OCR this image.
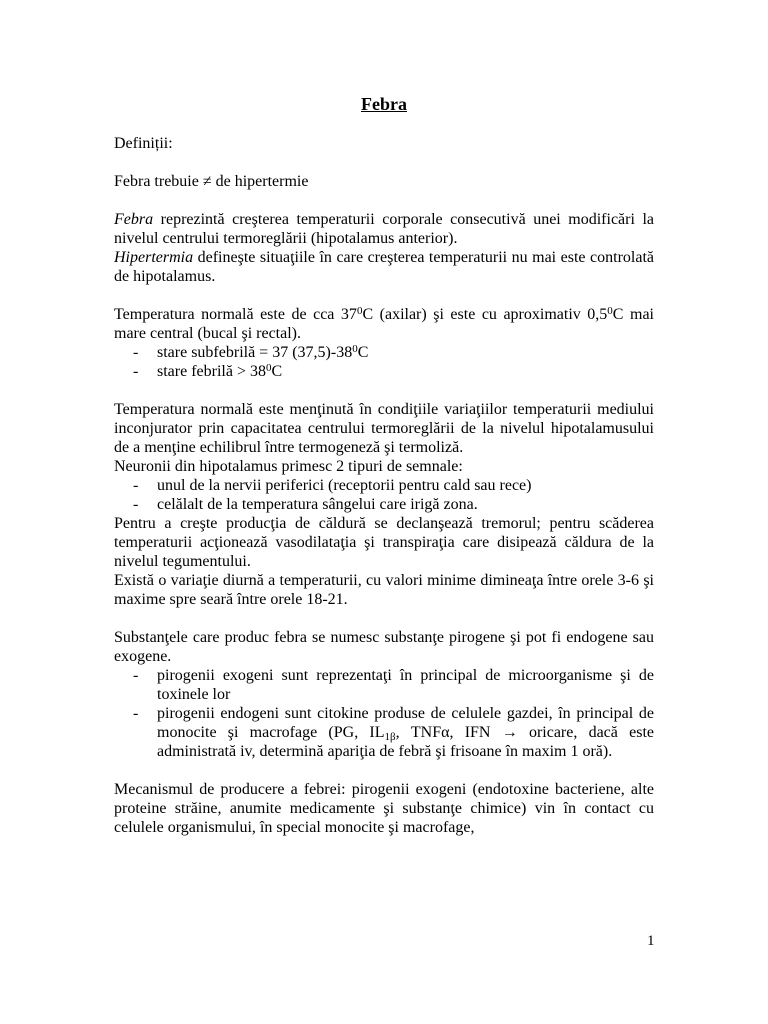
Febra

Definiții:

Febra trebuie ≠ de hipertermie

Febra reprezintă creşterea temperaturii corporale consecutivă unei modificări la nivelul centrului termoreglării (hipotalamus anterior).

Hipertermia defineşte situaţiile în care creşterea temperaturii nu mai este controlată de hipotalamus.

Temperatura normală este de cca $37^0C$ (axilar) şi este cu aproximativ $0,5^0C$ mai mare central (bucal şi rectal).

- stare subfebrilă = 37 $(37,5)-38^0C$
- stare febrilă > $38^0C$

Temperatura normală este menţinută în condiţiile variaţiilor temperaturii mediului inconjurator prin capacitatea centrului termoreglării de la nivelul hipotalamusului de a menţine echilibrul între termogeneză şi termoliză.

Neuronii din hipotalamus primesc 2 tipuri de semnale:

- unul de la nervii periferici (receptorii pentru cald sau rece)
- celălalt de la temperatura sângelui care irigă zona.

Pentru a creşte producţia de căldură se declanşează tremorul; pentru scăderea temperaturii acţionează vasodilataţia şi transpiraţia care disipează căldura de la nivelul tegumentului.

Există o variaţie diurnă a temperaturii, cu valori minime dimineaţa între orele 3-6 şi maxime spre seară între orele 18-21.

Substanţele care produc febra se numesc substanţe pirogene şi pot fi endogene sau exogene.

- pirogenii exogeni sunt reprezentaţi în principal de microorganisme şi de toxinele lor
- pirogenii endogeni sunt citokine produse de celulele gazdei, în principal de monocite şi macrofage (PG, $IL_{1\beta}$, TNFα, IFN → oricare, dacă este administrată iv, determină apariţia de febră şi frisoane în maxim 1 oră).

Mecanismul de producere a febrei: pirogenii exogeni (endotoxine bacteriene, alte proteine străine, anumite medicamente şi substanţe chimice) vin în contact cu celulele organismului, în special monocite şi macrofage,

1
